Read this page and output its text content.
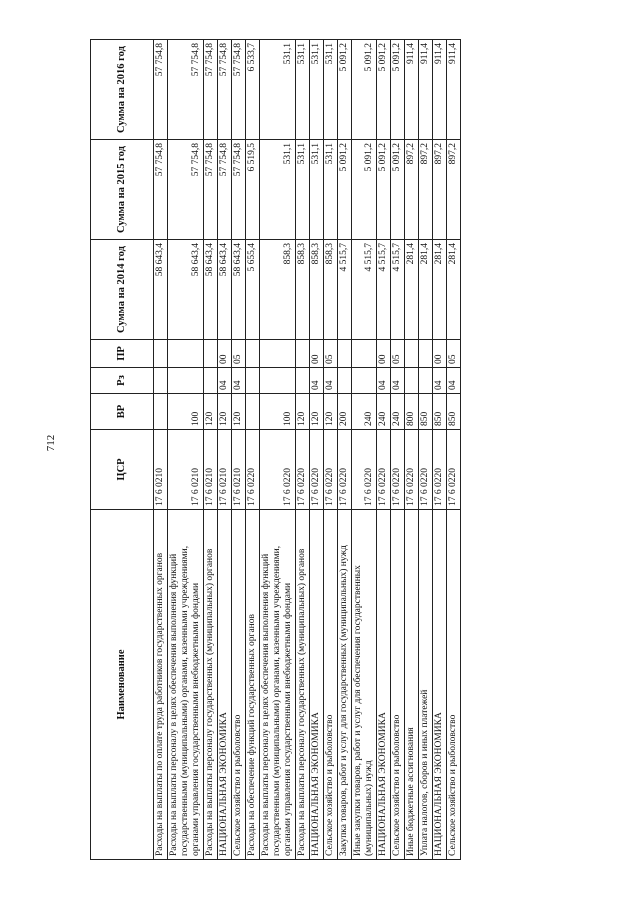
712
Наименование	ЦСР	ВР	Рз	ПР	Сумма на 2014 год	Сумма на 2015 год	Сумма на 2016 год
Расходы на выплаты по оплате труда работников государственных органов	17 6 0210				58 643,4	57 754,8	57 754,8
Расходы на выплаты персоналу в целях обеспечения выполнения функций государственными (муниципальными) органами, казенными учреждениями, органами управления государственными внебюджетными фондами	17 6 0210	100			58 643,4	57 754,8	57 754,8
Расходы на выплаты персоналу государственных (муниципальных) органов	17 6 0210	120			58 643,4	57 754,8	57 754,8
НАЦИОНАЛЬНАЯ ЭКОНОМИКА	17 6 0210	120	04	00	58 643,4	57 754,8	57 754,8
Сельское хозяйство и рыболовство	17 6 0210	120	04	05	58 643,4	57 754,8	57 754,8
Расходы на обеспечение функций государственных органов	17 6 0220				5 655,4	6 519,5	6 533,7
Расходы на выплаты персоналу в целях обеспечения выполнения функций государственными (муниципальными) органами, казенными учреждениями, органами управления государственными внебюджетными фондами	17 6 0220	100			858,3	531,1	531,1
Расходы на выплаты персоналу государственных (муниципальных) органов	17 6 0220	120			858,3	531,1	531,1
НАЦИОНАЛЬНАЯ ЭКОНОМИКА	17 6 0220	120	04	00	858,3	531,1	531,1
Сельское хозяйство и рыболовство	17 6 0220	120	04	05	858,3	531,1	531,1
Закупка товаров, работ и услуг для государственных (муниципальных) нужд	17 6 0220	200			4 515,7	5 091,2	5 091,2
Иные закупки товаров, работ и услуг для обеспечения государственных (муниципальных) нужд	17 6 0220	240			4 515,7	5 091,2	5 091,2
НАЦИОНАЛЬНАЯ ЭКОНОМИКА	17 6 0220	240	04	00	4 515,7	5 091,2	5 091,2
Сельское хозяйство и рыболовство	17 6 0220	240	04	05	4 515,7	5 091,2	5 091,2
Иные бюджетные ассигнования	17 6 0220	800			281,4	897,2	911,4
Уплата налогов, сборов и иных платежей	17 6 0220	850			281,4	897,2	911,4
НАЦИОНАЛЬНАЯ ЭКОНОМИКА	17 6 0220	850	04	00	281,4	897,2	911,4
Сельское хозяйство и рыболовство	17 6 0220	850	04	05	281,4	897,2	911,4
